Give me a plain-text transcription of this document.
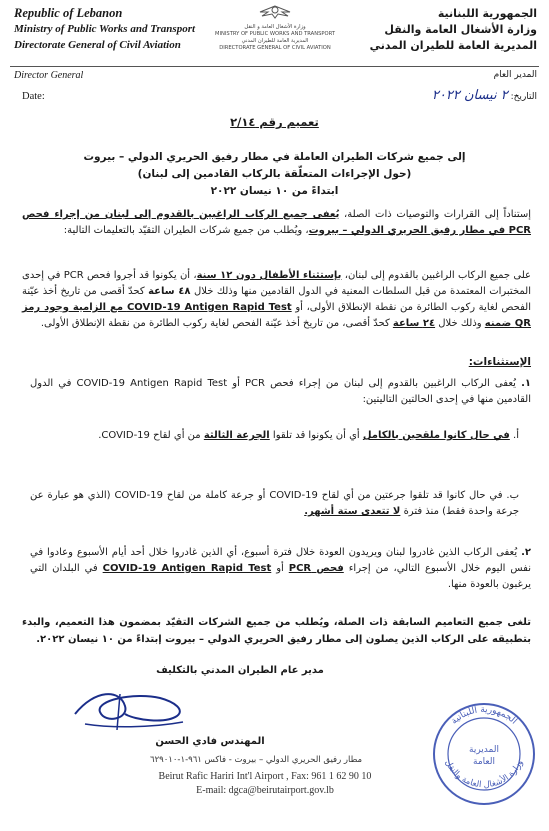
Republic of Lebanon
Ministry of Public Works and Transport
Directorate General of Civil Aviation
وزارة الأشغال العامة و النقل
MINISTRY OF PUBLIC WORKS AND TRANSPORT
المديرية العامة للطيران المدني
DIRECTORATE GENERAL OF CIVIL AVIATION
الجمهورية اللبنانية
وزارة الأشغال العامة والنقل
المديرية العامة للطيران المدني
Director General
Date:
المدير العام
التاريخ: ٢ نيسان ٢٠٢٢
تعميم رقم ٢/١٤
إلى جميع شركات الطيران العاملة في مطار رفيق الحريري الدولي – بيروت
(حول الإجراءات المتعلّقة بالركاب القادمين إلى لبنان)
ابتداءً من ١٠ نيسان ٢٠٢٢
إستناداً إلى القرارات والتوصيات ذات الصلة، يُعفى جميع الركاب الراغبين بالقدوم إلى لبنان من إجراء فحص PCR في مطار رفيق الحريري الدولي – بيروت، ويُطلب من جميع شركات الطيران التقيّد بالتعليمات التالية:
على جميع الركاب الراغبين بالقدوم إلى لبنان، بإستثناء الأطفال دون ١٢ سنة، أن يكونوا قد أجروا فحص PCR في إحدى المختبرات المعتمدة من قبل السلطات المعنية في الدول القادمين منها وذلك خلال ٤٨ ساعة كحدّ أقصى من تاريخ أخذ عيّنة الفحص لغاية ركوب الطائرة من نقطة الإنطلاق الأولى، أو COVID-19 Antigen Rapid Test مع الزامية وجود رمز QR ضمنه وذلك خلال ٢٤ ساعة كحدّ أقصى، من تاريخ أخذ عيّنة الفحص لغاية ركوب الطائرة من نقطة الإنطلاق الأولى.
الإستثناءات:
١. يُعفى الركاب الراغبين بالقدوم إلى لبنان من إجراء فحص PCR أو COVID-19 Antigen Rapid Test في الدول القادمين منها في إحدى الحالتين التاليتين:
أ. في حال كانوا ملقحين بالكامل أي أن يكونوا قد تلقوا الجرعة الثالثة من أي لقاح COVID-19.
ب. في حال كانوا قد تلقوا جرعتين من أي لقاح COVID-19 أو جرعة كاملة من لقاح COVID-19 (الذي هو عبارة عن جرعة واحدة فقط) منذ فترة لا تتعدى ستة أشهر.
٢. يُعفى الركاب الذين غادروا لبنان ويريدون العودة خلال فترة أسبوع، أي الذين غادروا خلال أحد أيام الأسبوع وعادوا في نفس اليوم خلال الأسبوع التالي، من إجراء فحص PCR أو COVID-19 Antigen Rapid Test في البلدان التي يرغبون بالعودة منها.
تلغى جميع التعاميم السابقة ذات الصلة، ويُطلب من جميع الشركات التقيّد بمضمون هذا التعميم، والبدء بتطبيقه على الركاب الذين يصلون إلى مطار رفيق الحريري الدولي – بيروت إبتداءً من ١٠ نيسان ٢٠٢٢.
مدير عام الطيران المدني بالتكليف
المهندس فادي الحسن
الجمهورية اللبنانية
وزارة الأشغال العامة والنقل
المديرية
العامة
مطار رفيق الحريري الدولي – بيروت - فاكس ٩٦١-١-٦٢٩٠١٠
Beirut Rafic Hariri Int'l Airport , Fax: 961 1 62 90 10
E-mail: dgca@beirutairport.gov.lb
